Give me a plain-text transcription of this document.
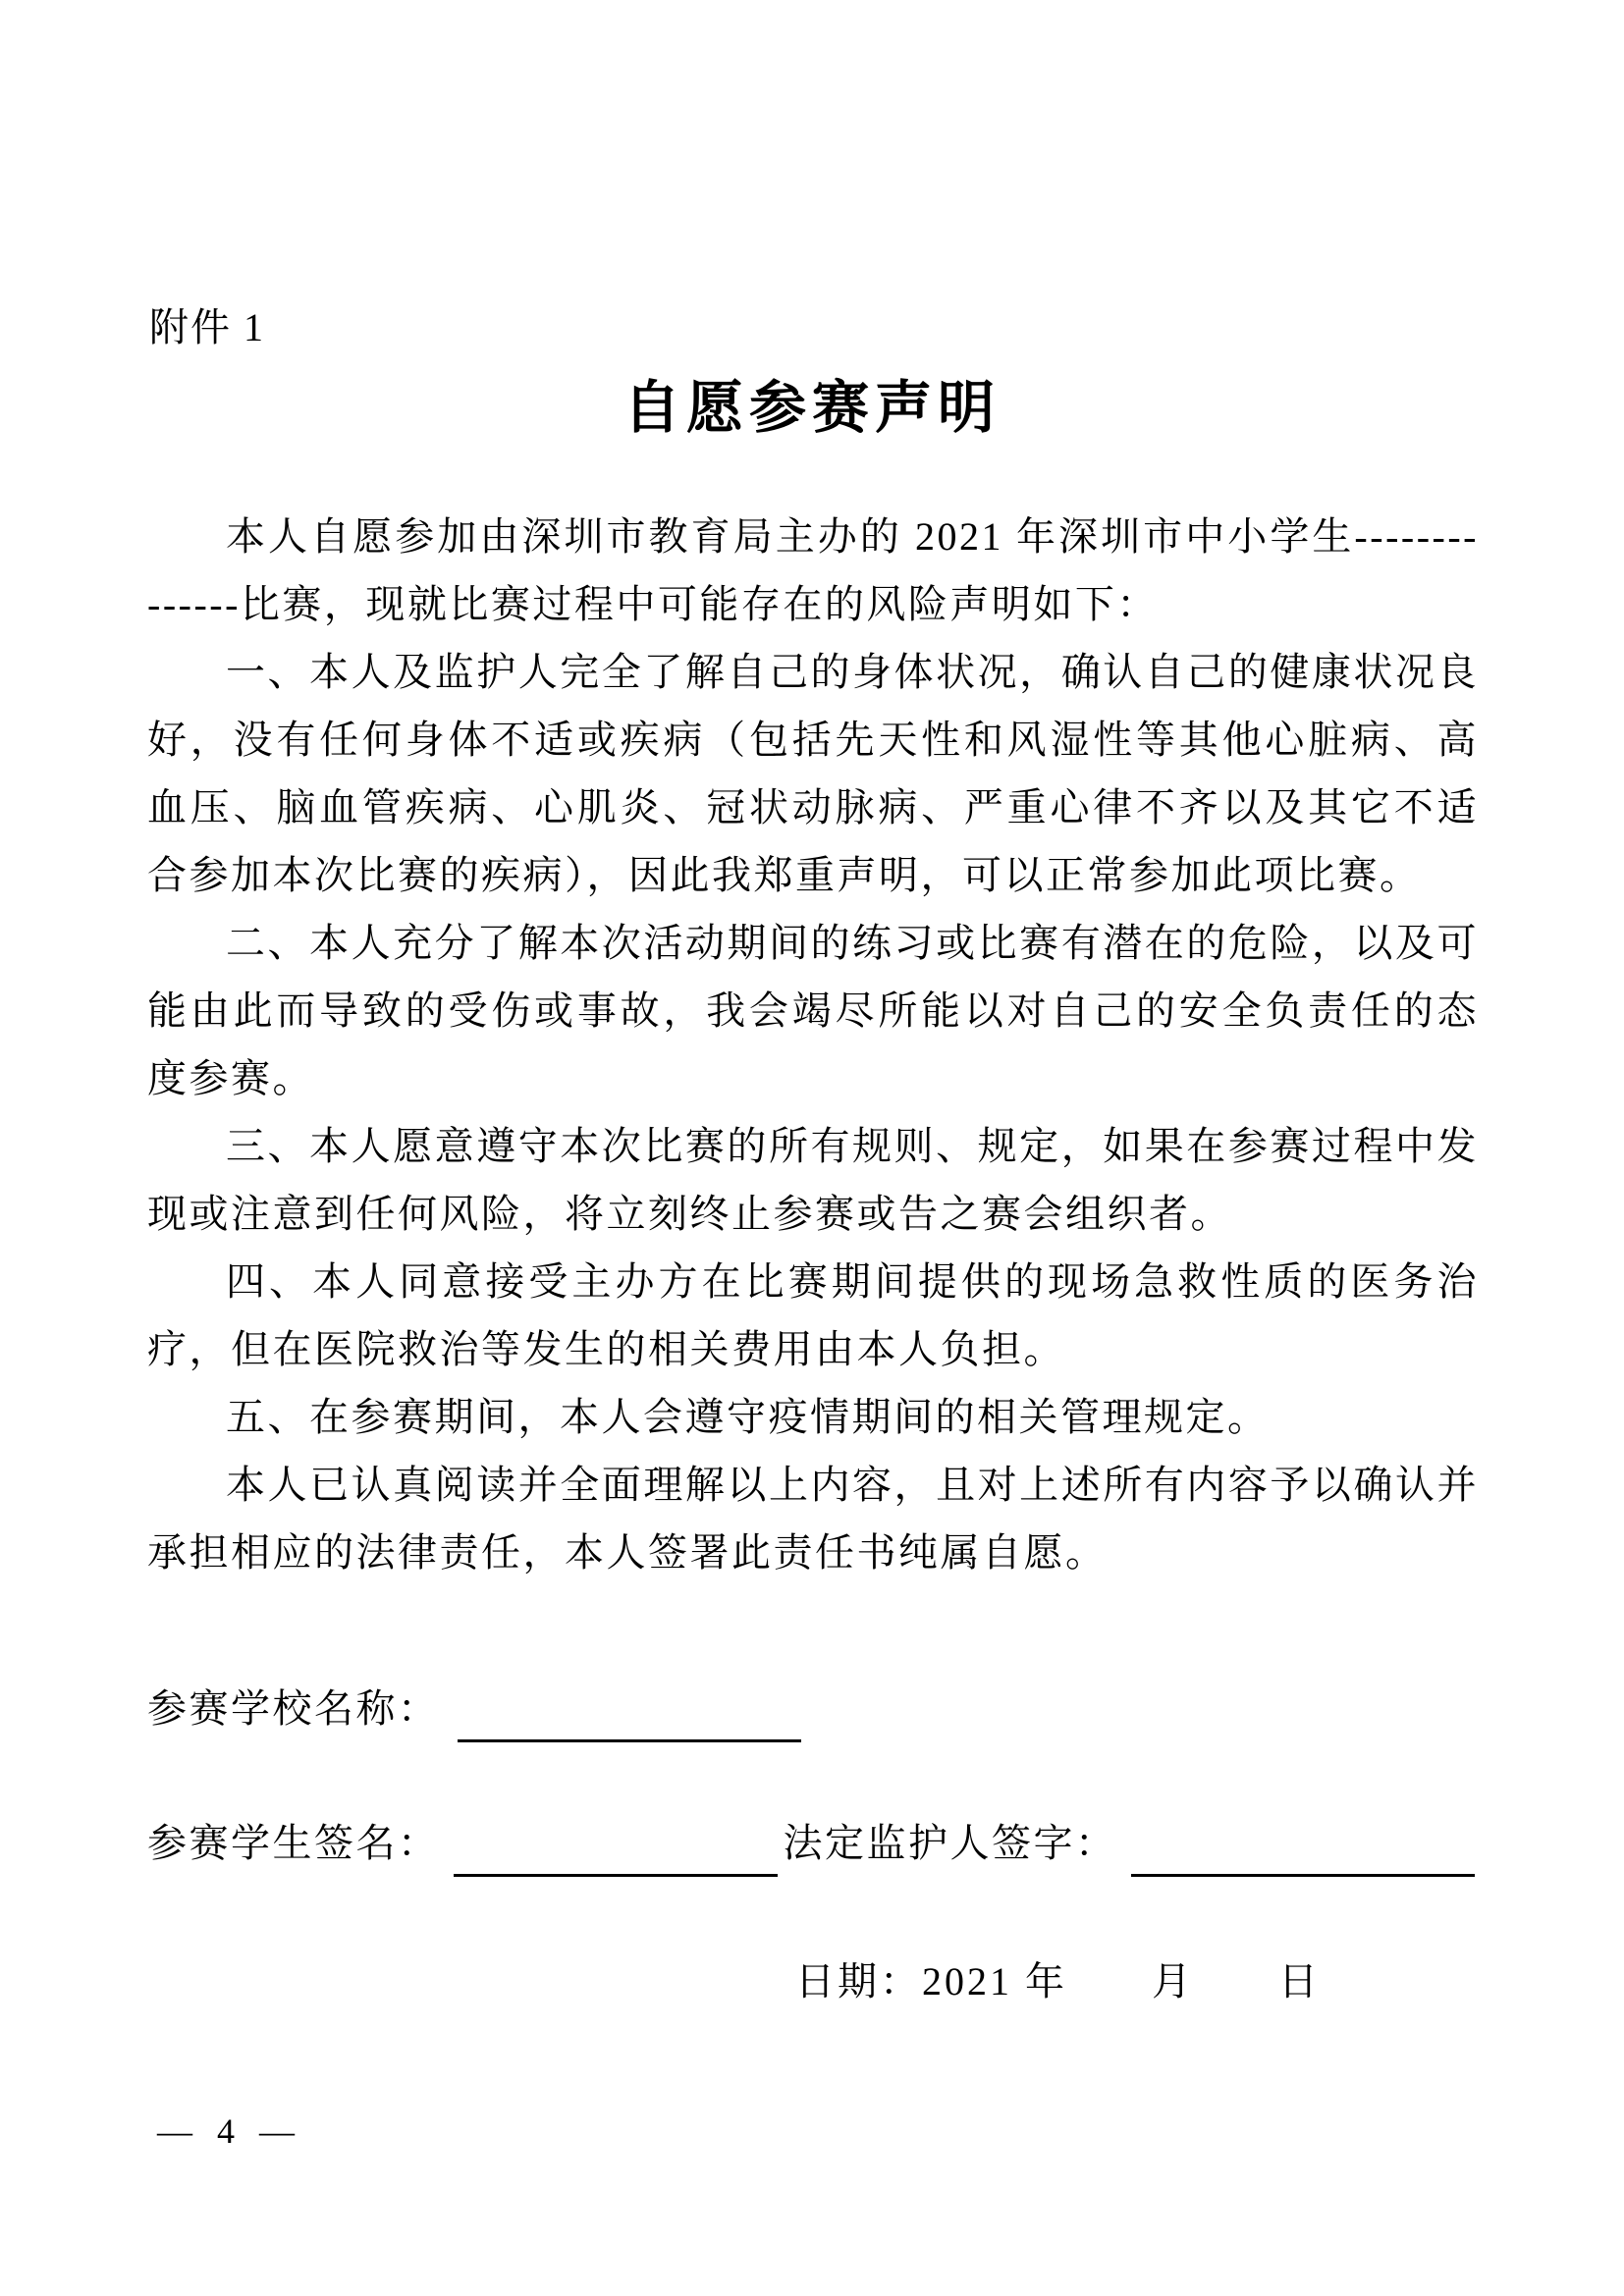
附件 1
自愿参赛声明

本人自愿参加由深圳市教育局主办的 2021 年深圳市中小学生--------------比赛，现就比赛过程中可能存在的风险声明如下：

一、本人及监护人完全了解自己的身体状况，确认自己的健康状况良好，没有任何身体不适或疾病（包括先天性和风湿性等其他心脏病、高血压、脑血管疾病、心肌炎、冠状动脉病、严重心律不齐以及其它不适合参加本次比赛的疾病），因此我郑重声明，可以正常参加此项比赛。

二、本人充分了解本次活动期间的练习或比赛有潜在的危险，以及可能由此而导致的受伤或事故，我会竭尽所能以对自己的安全负责任的态度参赛。

三、本人愿意遵守本次比赛的所有规则、规定，如果在参赛过程中发现或注意到任何风险，将立刻终止参赛或告之赛会组织者。

四、本人同意接受主办方在比赛期间提供的现场急救性质的医务治疗，但在医院救治等发生的相关费用由本人负担。

五、在参赛期间，本人会遵守疫情期间的相关管理规定。

本人已认真阅读并全面理解以上内容，且对上述所有内容予以确认并承担相应的法律责任，本人签署此责任书纯属自愿。

参赛学校名称：
参赛学生签名：	法定监护人签字：
日期：2021 年　　月　　日
— 4 —
